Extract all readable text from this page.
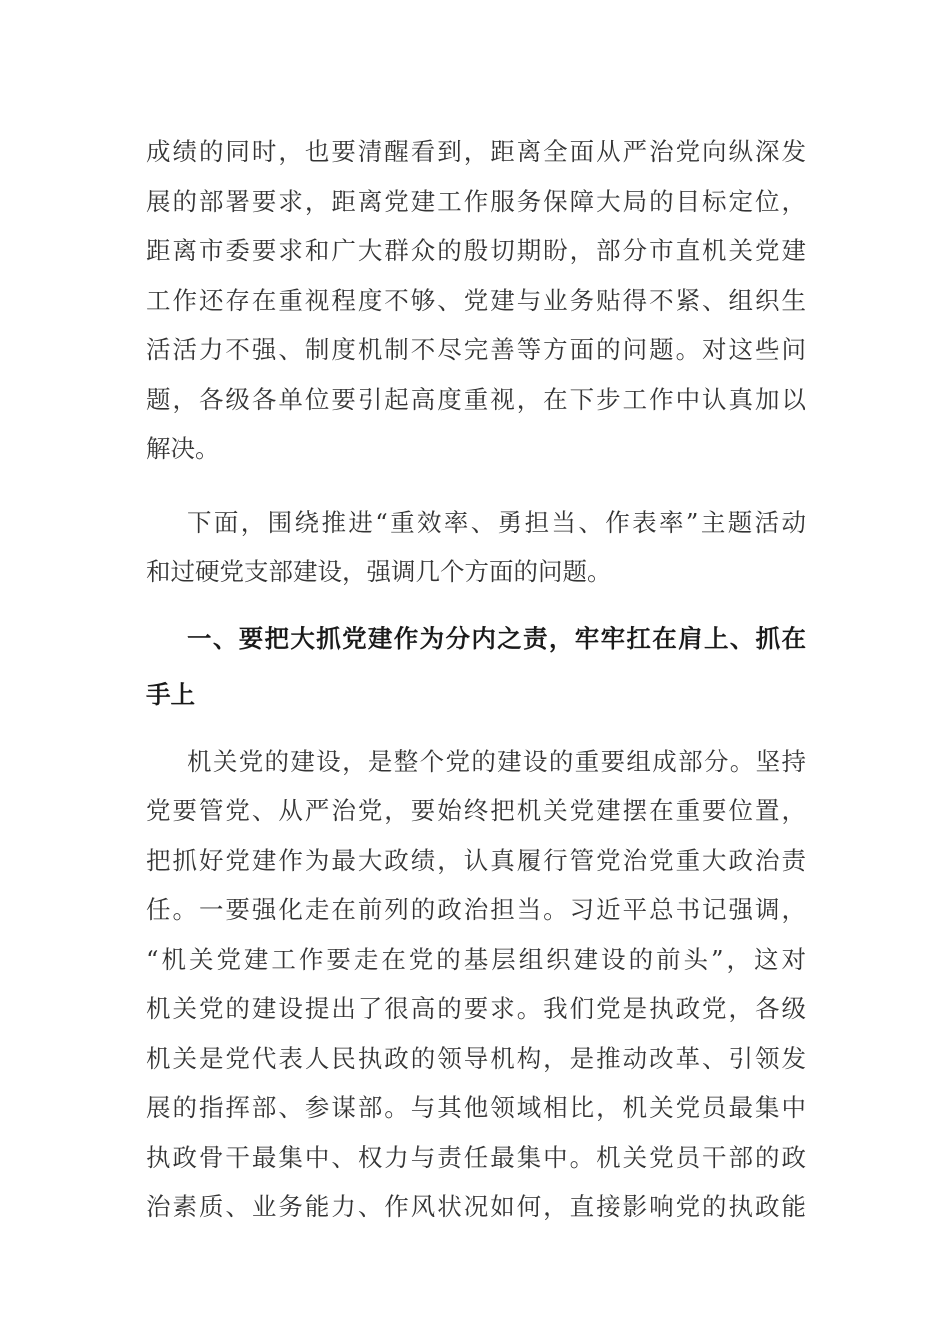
成绩的同时，也要清醒看到，距离全面从严治党向纵深发
展的部署要求，距离党建工作服务保障大局的目标定位，
距离市委要求和广大群众的殷切期盼，部分市直机关党建
工作还存在重视程度不够、党建与业务贴得不紧、组织生
活活力不强、制度机制不尽完善等方面的问题。对这些问
题，各级各单位要引起高度重视，在下步工作中认真加以
解决。
下面，围绕推进“重效率、勇担当、作表率”主题活动
和过硬党支部建设，强调几个方面的问题。
一、要把大抓党建作为分内之责，牢牢扛在肩上、抓在
手上
机关党的建设，是整个党的建设的重要组成部分。坚持
党要管党、从严治党，要始终把机关党建摆在重要位置，
把抓好党建作为最大政绩，认真履行管党治党重大政治责
任。一要强化走在前列的政治担当。习近平总书记强调，
“机关党建工作要走在党的基层组织建设的前头”，这对
机关党的建设提出了很高的要求。我们党是执政党，各级
机关是党代表人民执政的领导机构，是推动改革、引领发
展的指挥部、参谋部。与其他领域相比，机关党员最集中
执政骨干最集中、权力与责任最集中。机关党员干部的政
治素质、业务能力、作风状况如何，直接影响党的执政能
